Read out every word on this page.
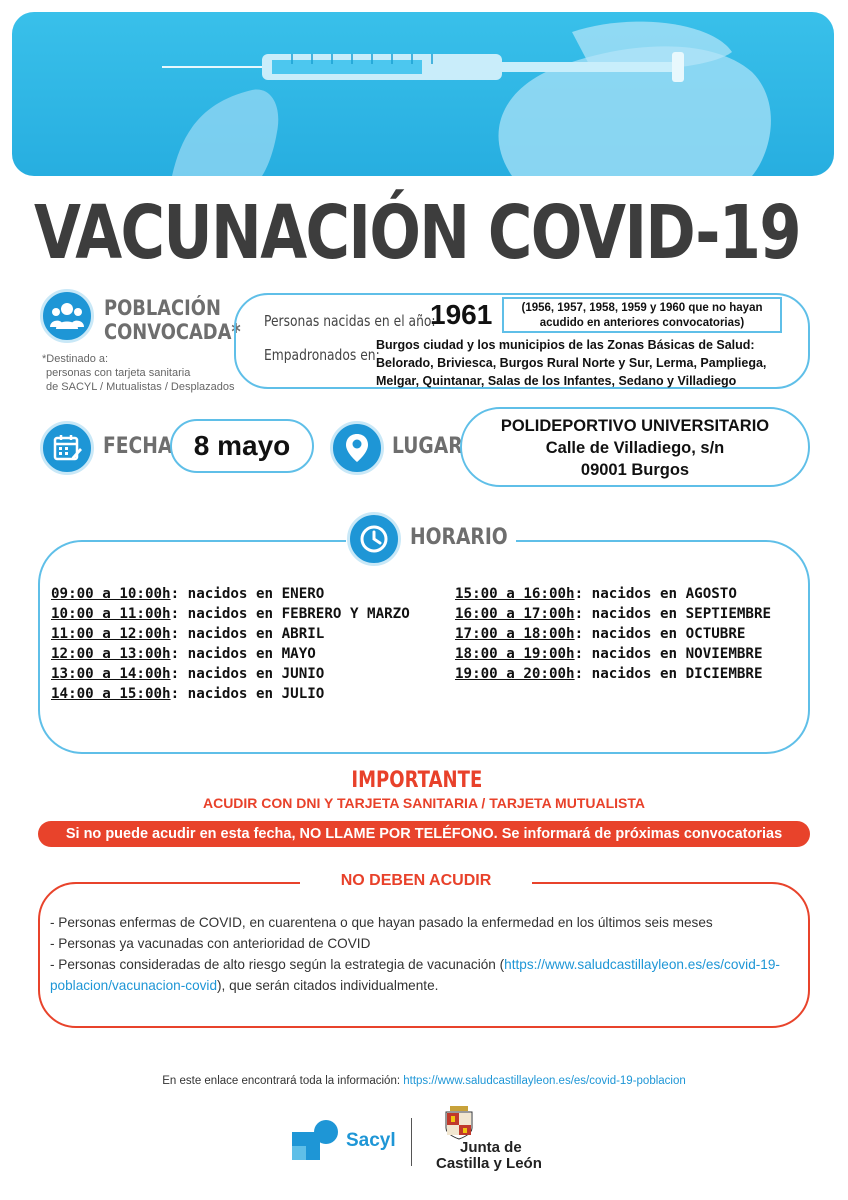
VACUNACIÓN COVID-19
POBLACIÓN
CONVOCADA*
*Destinado a:
personas con tarjeta sanitaria
de SACYL / Mutualistas / Desplazados
Personas nacidas en el año:
1961	(1956, 1957, 1958, 1959 y 1960 que no hayan acudido en anteriores convocatorias)
Empadronados en:
Burgos ciudad y los municipios de las Zonas Básicas de Salud: Belorado, Briviesca, Burgos Rural Norte y Sur, Lerma, Pampliega, Melgar, Quintanar, Salas de los Infantes, Sedano y Villadiego
FECHA 8 mayo	LUGAR
POLIDEPORTIVO UNIVERSITARIO
Calle de Villadiego, s/n
09001 Burgos
HORARIO
09:00 a 10:00h: nacidos en ENERO
10:00 a 11:00h: nacidos en FEBRERO Y MARZO
11:00 a 12:00h: nacidos en ABRIL
12:00 a 13:00h: nacidos en MAYO
13:00 a 14:00h: nacidos en JUNIO
14:00 a 15:00h: nacidos en JULIO
15:00 a 16:00h: nacidos en AGOSTO
16:00 a 17:00h: nacidos en SEPTIEMBRE
17:00 a 18:00h: nacidos en OCTUBRE
18:00 a 19:00h: nacidos en NOVIEMBRE
19:00 a 20:00h: nacidos en DICIEMBRE
IMPORTANTE
ACUDIR CON DNI Y TARJETA SANITARIA / TARJETA MUTUALISTA
Si no puede acudir en esta fecha, NO LLAME POR TELÉFONO. Se informará de próximas convocatorias
NO DEBEN ACUDIR
- Personas enfermas de COVID, en cuarentena o que hayan pasado la enfermedad en los últimos seis meses
- Personas ya vacunadas con anterioridad de COVID
- Personas consideradas de alto riesgo según la estrategia de vacunación (https://www.saludcastillayleon.es/es/covid-19-poblacion/vacunacion-covid), que serán citados individualmente.
En este enlace encontrará toda la información: https://www.saludcastillayleon.es/es/covid-19-poblacion
Sacyl	Junta de
Castilla y León
